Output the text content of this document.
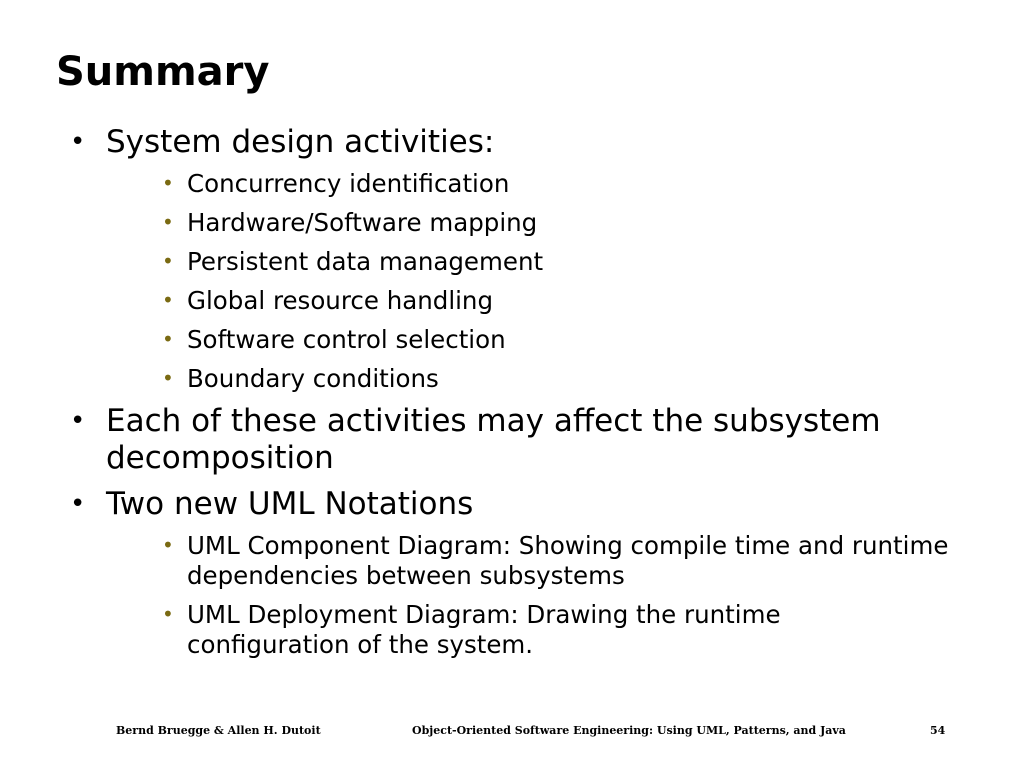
Summary
• System design activities:
• Concurrency identification
• Hardware/Software mapping
• Persistent data management
• Global resource handling
• Software control selection
• Boundary conditions
• Each of these activities may affect the subsystem decomposition
• Two new UML Notations
• UML Component Diagram: Showing compile time and runtime dependencies between subsystems
• UML Deployment Diagram: Drawing the runtime configuration of the system.
Bernd Bruegge & Allen H. Dutoit	Object-Oriented Software Engineering: Using UML, Patterns, and Java	54
